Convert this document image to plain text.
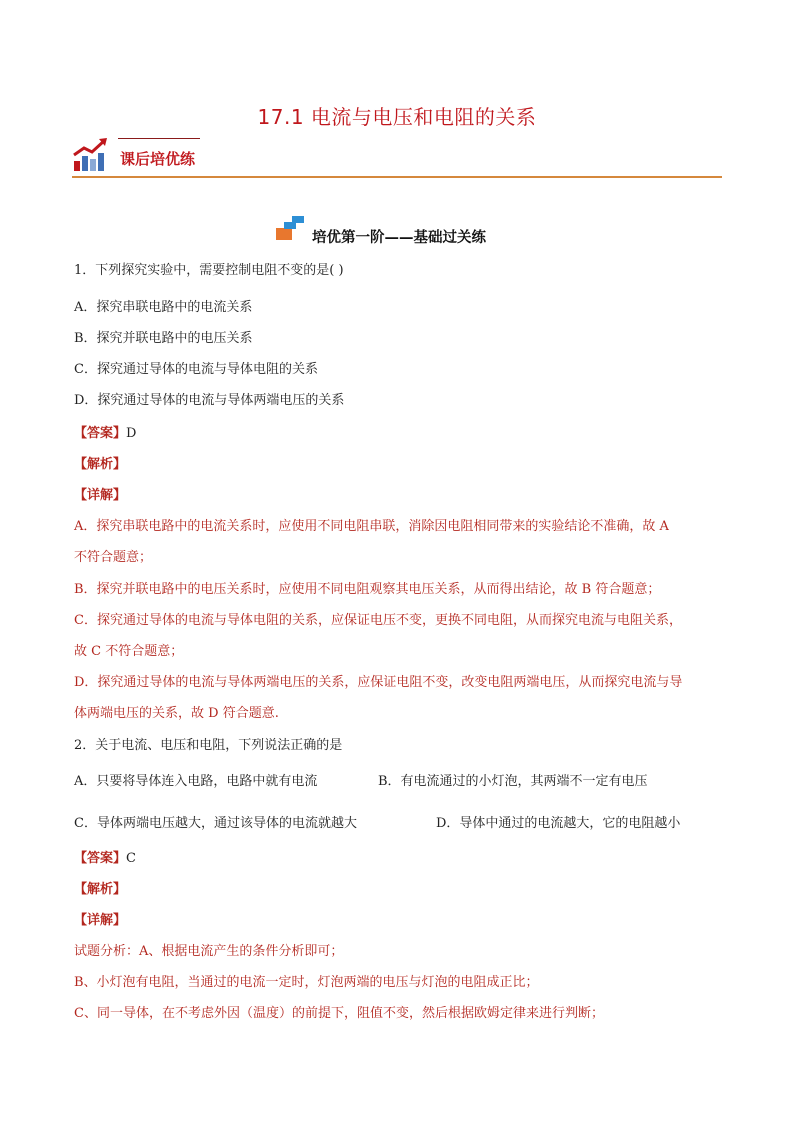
17.1 电流与电压和电阻的关系
课后培优练
培优第一阶——基础过关练
1．下列探究实验中，需要控制电阻不变的是( )
A．探究串联电路中的电流关系
B．探究并联电路中的电压关系
C．探究通过导体的电流与导体电阻的关系
D．探究通过导体的电流与导体两端电压的关系
【答案】D
【解析】
【详解】
A．探究串联电路中的电流关系时，应使用不同电阻串联，消除因电阻相同带来的实验结论不准确，故 A
不符合题意；
B．探究并联电路中的电压关系时，应使用不同电阻观察其电压关系，从而得出结论，故 B 符合题意；
C．探究通过导体的电流与导体电阻的关系，应保证电压不变，更换不同电阻，从而探究电流与电阻关系，
故 C 不符合题意；
D．探究通过导体的电流与导体两端电压的关系，应保证电阻不变，改变电阻两端电压，从而探究电流与导
体两端电压的关系，故 D 符合题意.
2．关于电流、电压和电阻，下列说法正确的是
A．只要将导体连入电路，电路中就有电流	B．有电流通过的小灯泡，其两端不一定有电压
C．导体两端电压越大，通过该导体的电流就越大	D．导体中通过的电流越大，它的电阻越小
【答案】C
【解析】
【详解】
试题分析：A、根据电流产生的条件分析即可；
B、小灯泡有电阻，当通过的电流一定时，灯泡两端的电压与灯泡的电阻成正比；
C、同一导体，在不考虑外因（温度）的前提下，阻值不变，然后根据欧姆定律来进行判断；
